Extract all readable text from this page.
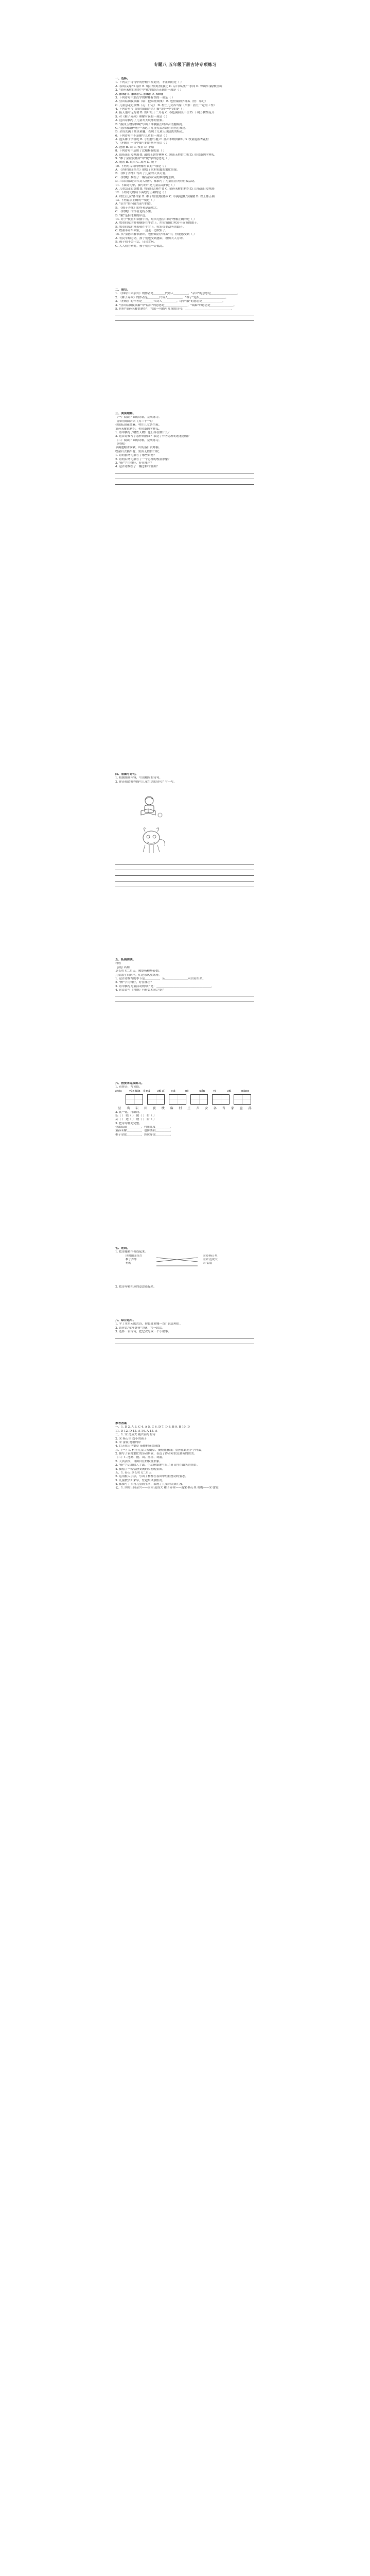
专题八 五年级下册古诗专项练习
一、选择。
1. 下列关于诗句中的停顿节奏划分，不正确的是（ ）
A. 春风/又绿/江南岸 B. 明月/何时/照我还 C. 京口/瓜洲/一水间 D. 钟山/只隔/数重山
2. "童孙未解供耕织"中"供"的读音正确的一项是（ ）
A. gōng B. gòng C. gǒng D. hōng
3. 下列诗句中加点字的解释有误的一项是（ ）
A. 昼出耘田夜绩麻（绩：把麻搓成线） B. 也傍桑阴学种瓜（傍：靠近）
C. 儿童急走追黄蝶（走：行走） D. 村庄儿女各当家（当家：担任一定的工作）
4. 下列诗句与《四时田园杂兴》描写同一季节的是（ ）
A. 接天莲叶无穷碧 B. 霜叶红于二月花 C. 春色满园关不住 D. 千树万树梨花开
5. 对《稚子弄冰》理解有误的一项是（ ）
A. 这首诗描写了儿童冬天玩冰的情景。
B. "敲成玉磬穿林响"写出了冰被敲击时声音清脆响亮。
C. "忽作玻璃碎地声"表达了儿童失去冰块时的伤心难过。
D. 全诗充满了童真童趣，表现了儿童天真活泼的特点。
6. 下列诗句中不是描写儿童的一项是（ ）
A. 蓬头稚子学垂纶 B. 小娃撑小艇 C. 童孙未解供耕织 D. 牧童遥指杏花村
7. 《村晚》一诗中描写的景物不包括（ ）
A. 池塘 B. 山 C. 牧童 D. 小船
8. 下列诗句中运用了比喻修辞的是（ ）
A. 山衔落日浸寒漪 B. 敲成玉磬穿林响 C. 短笛无腔信口吹 D. 也傍桑阴学种瓜
9. "稚子金盆脱晓冰"中"脱"字的意思是（ ）
A. 脱落 B. 取出 C. 离开 D. 脱下
10. 下列对古诗的理解有误的一项是（ ）
A. 《四时田园杂兴》描绘了农村初夏的繁忙景象。
B. 《稚子弄冰》写出了儿童的天真可爱。
C. 《村晚》描绘了一幅恬静安闲的乡村晚景图。
D. 三首诗都是宋代诗人所作，都描写了儿童在春天的游戏活动。
11. 下面诗句中，描写的不是儿童活动的是（ ）
A. 儿童急走追黄蝶 B. 牧童归去横牛背 C. 童孙未解供耕织 D. 山衔落日浸寒漪
12. 下列诗句朗读节奏划分正确的是（ ）
A. 村庄/儿女/各当家 B. 稚子/金盆/脱晓冰 C. 草满/池塘/水满陂 D. 以上都正确
13. 下列说法正确的一项是（ ）
A. "杂兴"是指随兴而写的诗。
B. 《稚子弄冰》的作者是范成大。
C. 《村晚》的作者是杨万里。
D. "陂"是指池塘的岸边。
14. 对于"牧童归去横牛背，短笛无腔信口吹"理解正确的是（ ）
A. 牧童回家的时候横卧在牛背上，用短笛随口吹着不成调的曲子。
B. 牧童回家时横着骑在牛背上，吹着优美动听的曲子。
C. 牧童牵着牛回家，一边走一边吹笛子。
15. 从"童孙未解供耕织，也傍桑阴学种瓜"中，你能感受到（ ）
A. 农民辛勤劳动，孩子们也受到感染，模仿大人劳动。
B. 孩子们不会干活，只会贪玩。
C. 大人们劳动时，孩子们在一旁捣乱。
二、填空。
1. 《四时田园杂兴》的作者是＿＿＿＿代诗人＿＿＿＿＿，"杂兴"的意思是＿＿＿＿＿＿＿＿＿。
2. 《稚子弄冰》的作者是＿＿＿＿代诗人＿＿＿＿＿。"稚子"是指＿＿＿＿＿＿＿＿＿。
3. 《村晚》的作者是＿＿＿＿代诗人＿＿＿＿＿，诗中"陂"的意思是＿＿＿＿＿＿＿。
4. "昼出耘田夜绩麻"中"耘田"的意思是＿＿＿＿＿＿＿＿，"绩麻"的意思是＿＿＿＿＿＿＿＿。
5. 仿照"童孙未解供耕织"，写出一句描写儿童的诗句：＿＿＿＿＿＿＿＿＿＿＿＿＿＿＿＿。
三、阅读理解。
（一）阅读下面的诗歌，完成练习。
《四时田园杂兴（其三十一）》
昼出耘田夜绩麻，村庄儿女各当家。
童孙未解供耕织，也傍桑阴学种瓜。
1. 诗中描写了哪些人物？他们各在做什么？
2. 这首诗描写了怎样的画面？表达了作者怎样的思想感情？
（二）阅读下面的诗歌，完成练习。
《村晚》
草满池塘水满陂，山衔落日浸寒漪。
牧童归去横牛背，短笛无腔信口吹。
1. 诗的前两句描写了哪些景物？
2. 诗的后两句描写了一个怎样的牧童形象？
3. "衔"字用得好，好在哪里？
4. 这首诗描绘了一幅怎样的画面？
四、看图写诗句。
1. 根据图画内容，写出相应的诗句。
2. 你还知道哪些描写儿童生活的诗句？写一写。
五、拓展阅读。
村居
【清】高鼎
草长莺飞二月天，拂堤杨柳醉春烟。
儿童散学归来早，忙趁东风放纸鸢。
1. 这首诗描写的季节是＿＿＿＿＿，从＿＿＿＿＿＿＿＿可以看出来。
2. "醉"字用得好，好在哪里？
3. 诗中描写儿童活动的句子是：＿＿＿＿＿＿＿＿＿＿＿＿＿＿＿＿＿＿＿。
4. 这首诗与《村晚》有什么相同之处？
六、按要求完成练习。
1. 看拼音，写词语。
zhòu	yún tián	jì má	zhì zǐ	cuì	pō	xián	yī	zhì	qiāng
昼	出	耘	田	夜	绩	麻	村	庄	儿	女	各	当	家	童	孙
2. 比一比，再组词。
耘（ ） 绩（ ） 陂（ ） 衔（ ）
芸（ ） 迹（ ） 坡（ ） 街（ ）
3. 把诗句补充完整。
昼出耘田＿＿＿＿＿，村庄儿女＿＿＿＿＿。
童孙未解＿＿＿＿＿，也傍桑阴＿＿＿＿＿。
稚子金盆＿＿＿＿＿，彩丝穿取＿＿＿＿＿。
七、连线。
1. 把诗题和作者连起来。
四时田园杂兴
稚子弄冰
村晚
南宋·杨万里
南宋·范成大
宋·雷震
2. 把诗句和相应的意思连起来。
八、综合运用。
1. 学了本单元的古诗，你最喜欢哪一首？说说理由。
2. 请你以"童年趣事"为题，写一段话。
3. 选择一首古诗，把它改写成一个小故事。
参考答案
一、1. D 2. A 3. C 4. A 5. C 6. D 7. D 8. B 9. B 10. D
11. D 12. D 13. A 14. A 15. A
二、1. 宋 范成大 随兴而写的诗
2. 宋 杨万里 幼小的孩子
3. 宋 雷震 池塘的岸
4. 白天在田里锄草 夜晚把麻搓成线
三、（一）1. 村庄儿女白天锄草、夜晚搓麻线；童孙在桑树下学种瓜。
2. 描写了农村繁忙的劳动景象，表达了作者对农民勤劳的赞美。
（二）1. 池塘、陂、山、落日、寒漪。
2. 天真活泼、自由自在的牧童形象。
3. "衔"字运用拟人手法，生动形象地写出了落日挂在山头的情景。
4. 描绘了一幅恬静安闲的乡村晚景图。
五、1. 春天 草长莺飞二月天
2. 运用拟人手法，写出了杨柳在春风中轻轻摆动的姿态。
3. 儿童散学归来早，忙趁东风放纸鸢。
4. 都描写了乡村儿童的生活，表现了儿童的天真烂漫。
七、1. 四时田园杂兴——南宋·范成大 稚子弄冰——南宋·杨万里 村晚——宋·雷震
